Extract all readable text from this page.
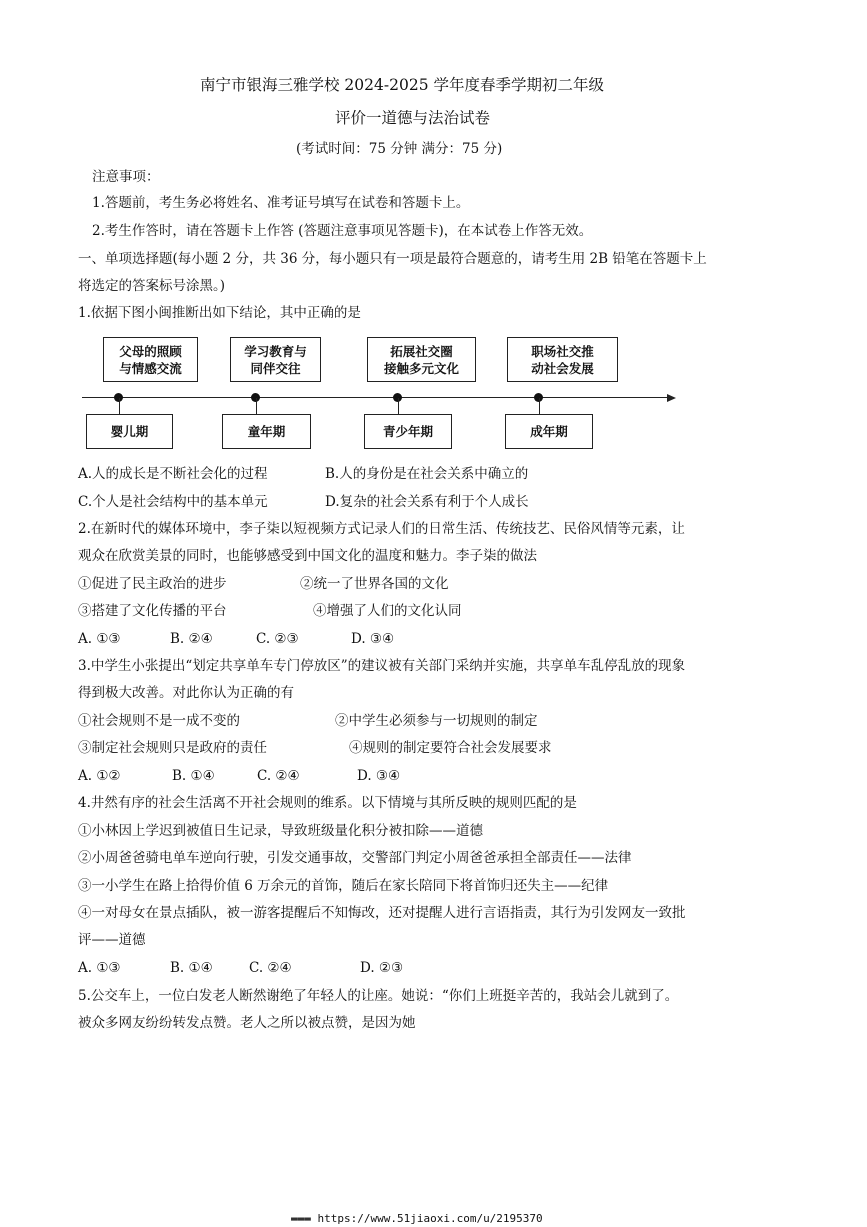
南宁市银海三雅学校 2024-2025 学年度春季学期初二年级
评价一道德与法治试卷
(考试时间：75 分钟 满分：75 分)
注意事项：
1.答题前，考生务必将姓名、准考证号填写在试卷和答题卡上。
2.考生作答时，请在答题卡上作答 (答题注意事项见答题卡)，在本试卷上作答无效。
一、单项选择题(每小题 2 分，共 36 分，每小题只有一项是最符合题意的，请考生用 2B 铅笔在答题卡上
将选定的答案标号涂黑。)
1.依据下图小闽推断出如下结论，其中正确的是
父母的照顾
与情感交流
学习教育与
同伴交往
拓展社交圈
接触多元文化
职场社交推
动社会发展
婴儿期	童年期	青少年期	成年期
A.人的成长是不断社会化的过程	B.人的身份是在社会关系中确立的
C.个人是社会结构中的基本单元	D.复杂的社会关系有利于个人成长
2.在新时代的媒体环境中，李子柒以短视频方式记录人们的日常生活、传统技艺、民俗风情等元素，让
观众在欣赏美景的同时，也能够感受到中国文化的温度和魅力。李子柒的做法
①促进了民主政治的进步	②统一了世界各国的文化
③搭建了文化传播的平台	④增强了人们的文化认同
A. ①③	B. ②④	C. ②③	D. ③④
3.中学生小张提出“划定共享单车专门停放区”的建议被有关部门采纳并实施，共享单车乱停乱放的现象
得到极大改善。对此你认为正确的有
①社会规则不是一成不变的	②中学生必须参与一切规则的制定
③制定社会规则只是政府的责任	④规则的制定要符合社会发展要求
A. ①②	B. ①④	C. ②④	D. ③④
4.井然有序的社会生活离不开社会规则的维系。以下情境与其所反映的规则匹配的是
①小林因上学迟到被值日生记录，导致班级量化积分被扣除——道德
②小周爸爸骑电单车逆向行驶，引发交通事故，交警部门判定小周爸爸承担全部责任——法律
③一小学生在路上拾得价值 6 万余元的首饰，随后在家长陪同下将首饰归还失主——纪律
④一对母女在景点插队，被一游客提醒后不知悔改，还对提醒人进行言语指责，其行为引发网友一致批
评——道德
A. ①③	B. ①④	C. ②④	D. ②③
5.公交车上，一位白发老人断然谢绝了年轻人的让座。她说：“你们上班挺辛苦的，我站会儿就到了。
被众多网友纷纷转发点赞。老人之所以被点赞，是因为她
▬▬▬ https://www.51jiaoxi.com/u/2195370
